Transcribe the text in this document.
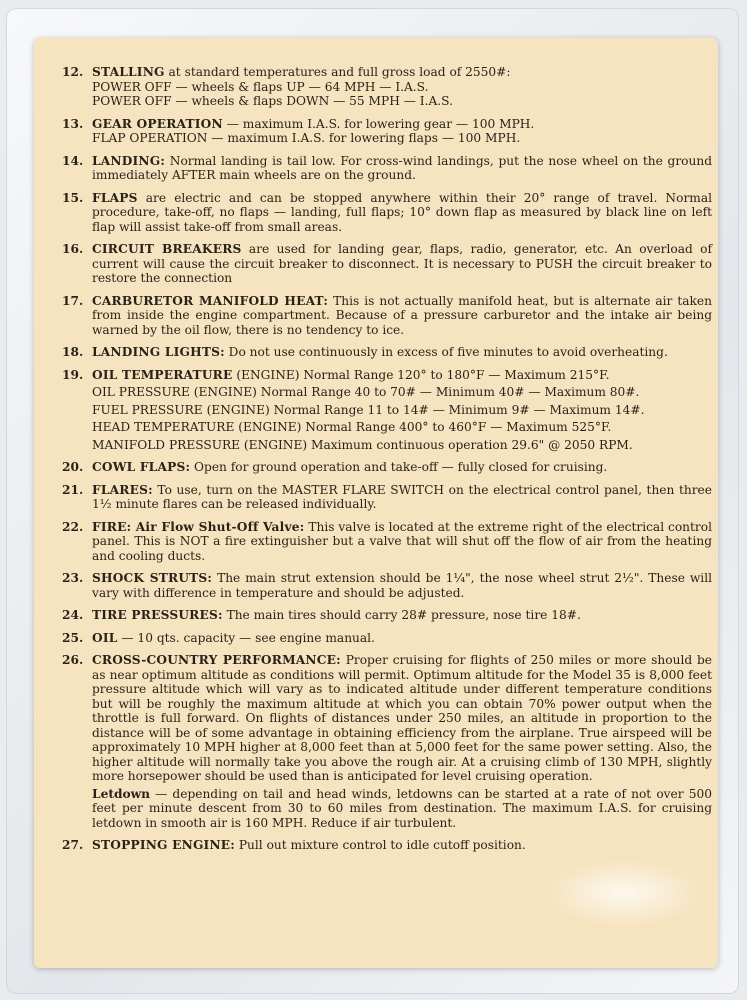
12. STALLING at standard temperatures and full gross load of 2550#:
POWER OFF — wheels & flaps UP — 64 MPH — I.A.S.
POWER OFF — wheels & flaps DOWN — 55 MPH — I.A.S.
13. GEAR OPERATION — maximum I.A.S. for lowering gear — 100 MPH.
FLAP OPERATION — maximum I.A.S. for lowering flaps — 100 MPH.
14. LANDING: Normal landing is tail low. For cross-wind landings, put the nose wheel on the ground immediately AFTER main wheels are on the ground.
15. FLAPS are electric and can be stopped anywhere within their 20° range of travel. Normal procedure, take-off, no flaps — landing, full flaps; 10° down flap as measured by black line on left flap will assist take-off from small areas.
16. CIRCUIT BREAKERS are used for landing gear, flaps, radio, generator, etc. An overload of current will cause the circuit breaker to disconnect. It is necessary to PUSH the circuit breaker to restore the connection
17. CARBURETOR MANIFOLD HEAT: This is not actually manifold heat, but is alternate air taken from inside the engine compartment. Because of a pressure carburetor and the intake air being warned by the oil flow, there is no tendency to ice.
18. LANDING LIGHTS: Do not use continuously in excess of five minutes to avoid overheating.
19. OIL TEMPERATURE (ENGINE) Normal Range 120° to 180°F — Maximum 215°F.
OIL PRESSURE (ENGINE) Normal Range 40 to 70# — Minimum 40# — Maximum 80#.
FUEL PRESSURE (ENGINE) Normal Range 11 to 14# — Minimum 9# — Maximum 14#.
HEAD TEMPERATURE (ENGINE) Normal Range 400° to 460°F — Maximum 525°F.
MANIFOLD PRESSURE (ENGINE) Maximum continuous operation 29.6" @ 2050 RPM.
20. COWL FLAPS: Open for ground operation and take-off — fully closed for cruising.
21. FLARES: To use, turn on the MASTER FLARE SWITCH on the electrical control panel, then three 1½ minute flares can be released individually.
22. FIRE: Air Flow Shut-Off Valve: This valve is located at the extreme right of the electrical control panel. This is NOT a fire extinguisher but a valve that will shut off the flow of air from the heating and cooling ducts.
23. SHOCK STRUTS: The main strut extension should be 1¼", the nose wheel strut 2½". These will vary with difference in temperature and should be adjusted.
24. TIRE PRESSURES: The main tires should carry 28# pressure, nose tire 18#.
25. OIL — 10 qts. capacity — see engine manual.
26. CROSS-COUNTRY PERFORMANCE: Proper cruising for flights of 250 miles or more should be as near optimum altitude as conditions will permit. Optimum altitude for the Model 35 is 8,000 feet pressure altitude which will vary as to indicated altitude under different temperature conditions but will be roughly the maximum altitude at which you can obtain 70% power output when the throttle is full forward. On flights of distances under 250 miles, an altitude in proportion to the distance will be of some advantage in obtaining efficiency from the airplane. True airspeed will be approximately 10 MPH higher at 8,000 feet than at 5,000 feet for the same power setting. Also, the higher altitude will normally take you above the rough air. At a cruising climb of 130 MPH, slightly more horsepower should be used than is anticipated for level cruising operation.
Letdown — depending on tail and head winds, letdowns can be started at a rate of not over 500 feet per minute descent from 30 to 60 miles from destination. The maximum I.A.S. for cruising letdown in smooth air is 160 MPH. Reduce if air turbulent.
27. STOPPING ENGINE: Pull out mixture control to idle cutoff position.
